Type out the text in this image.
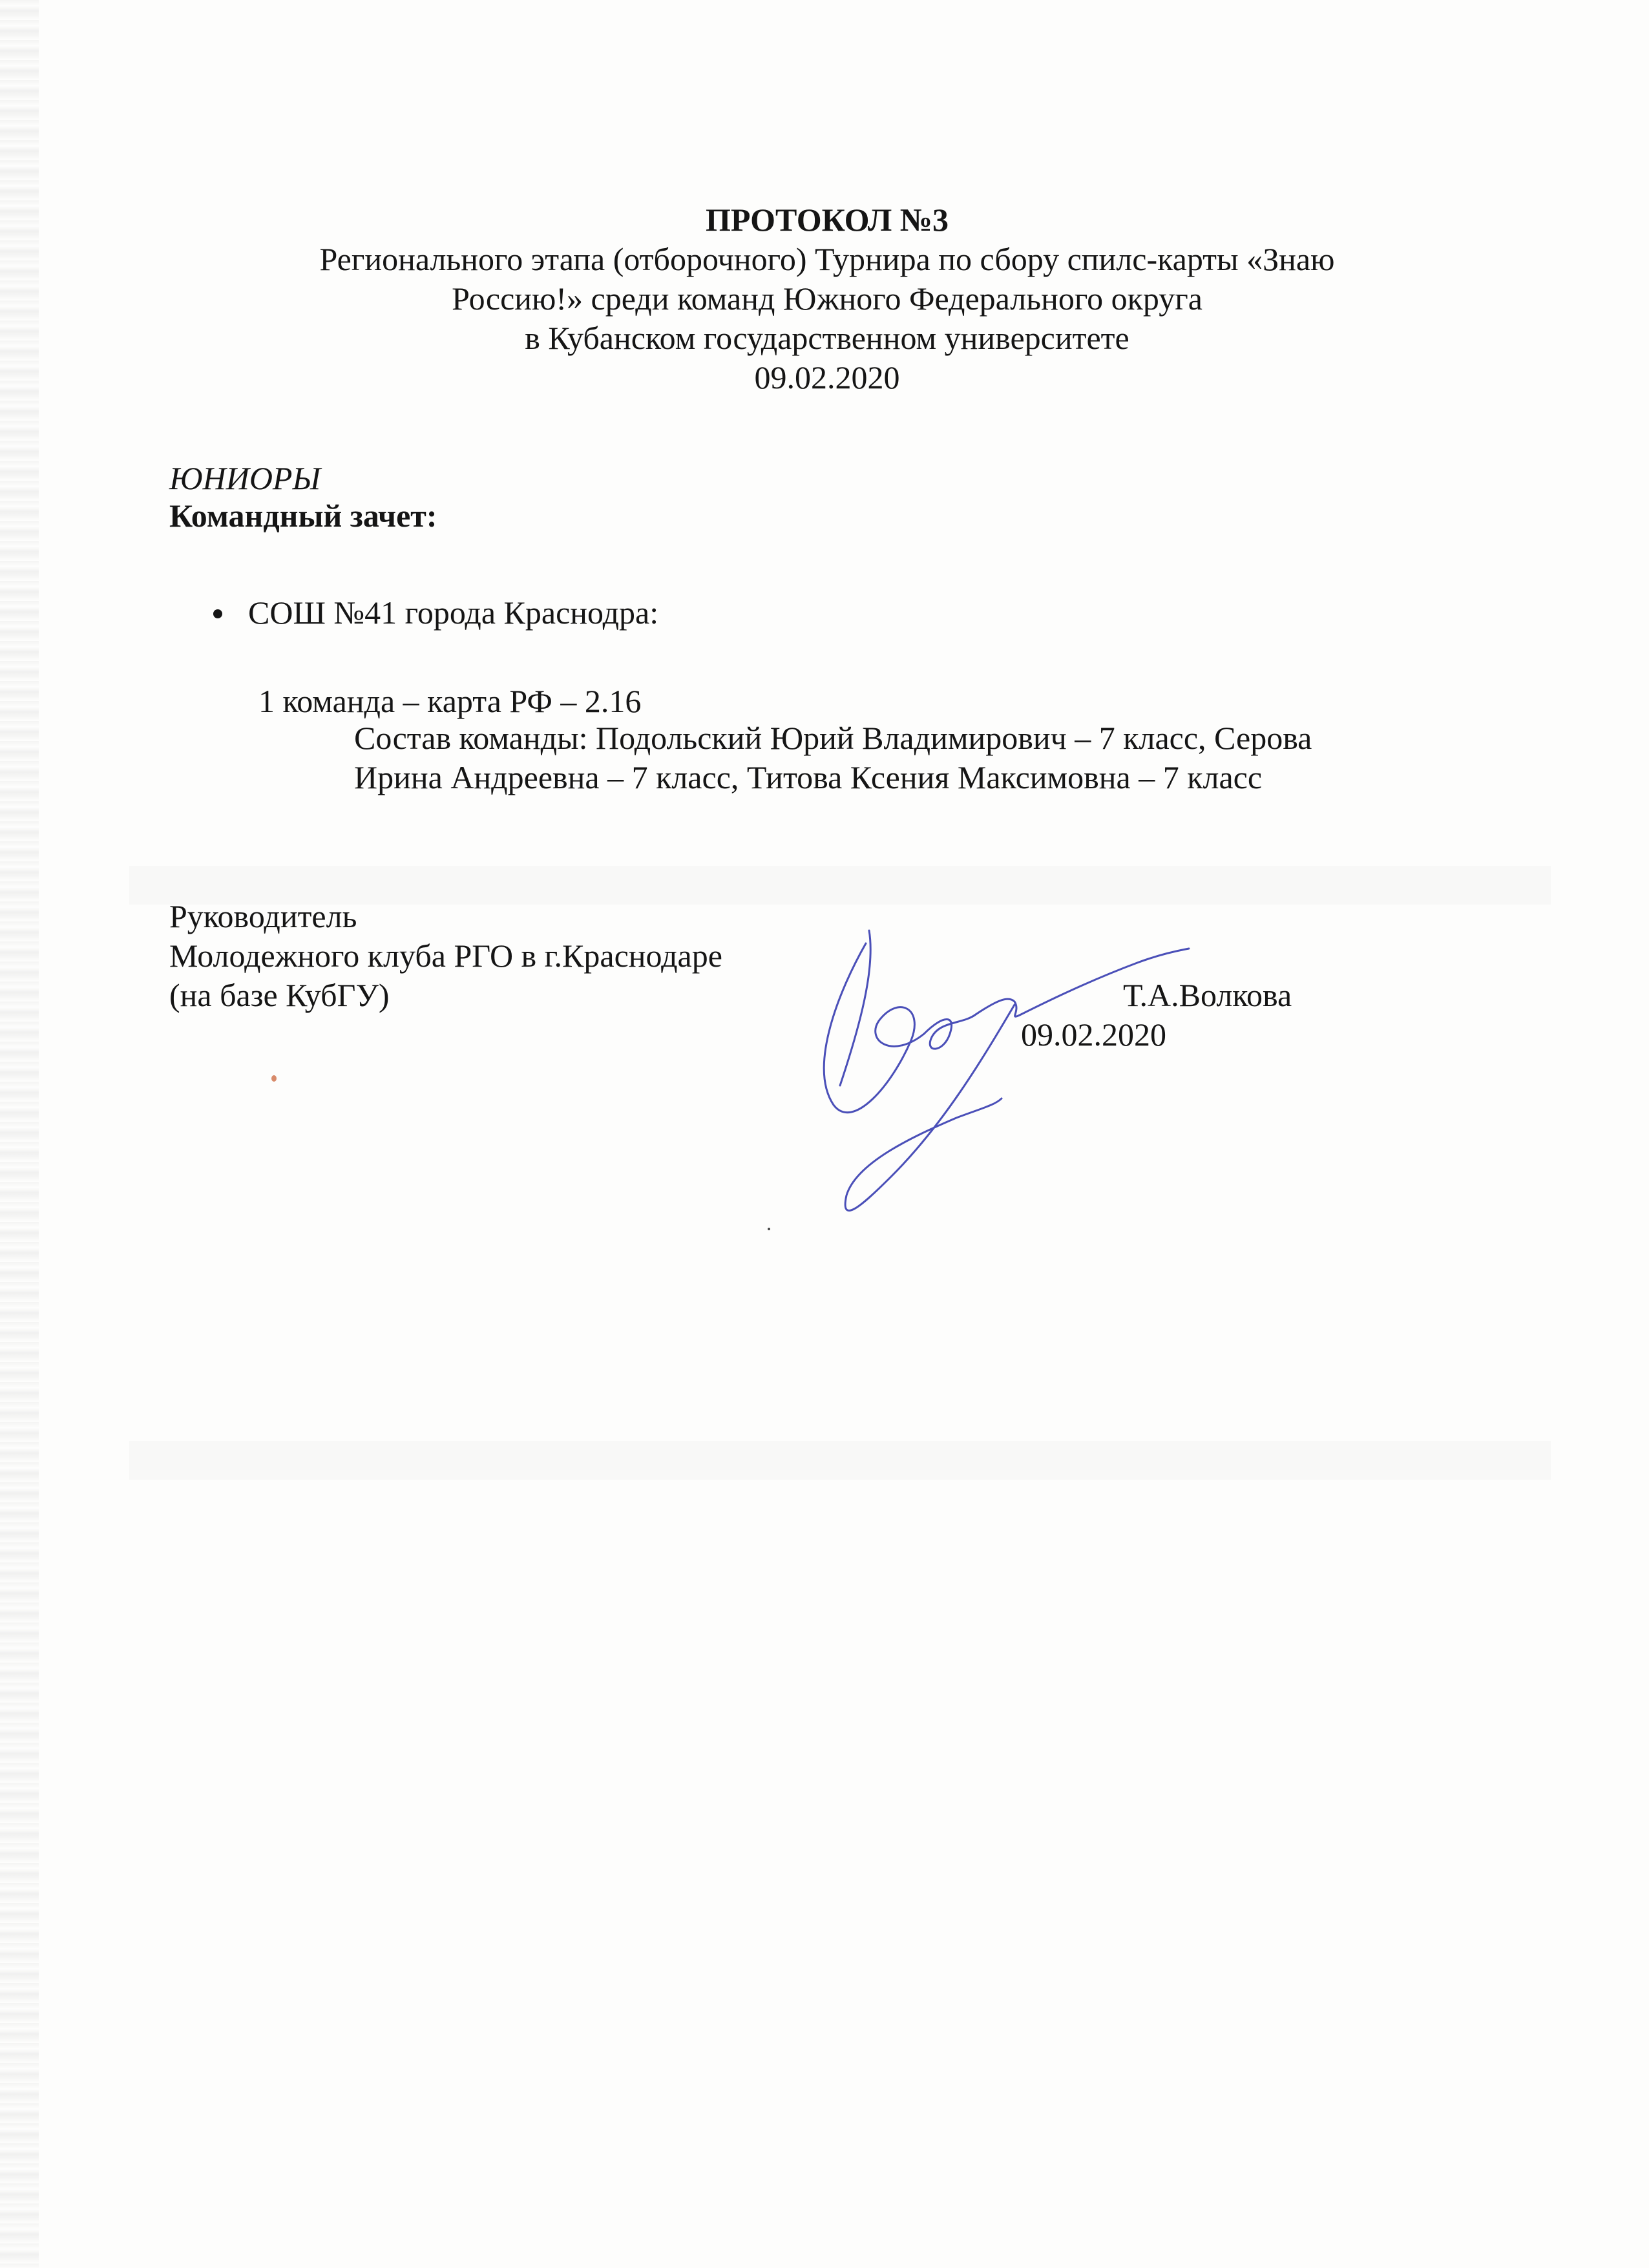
ПРОТОКОЛ №3
Регионального этапа (отборочного) Турнира по сбору спилс-карты «Знаю
Россию!» среди команд Южного Федерального округа
в Кубанском государственном университете
09.02.2020
ЮНИОРЫ
Командный зачет:
СОШ №41 города Краснодра:
1 команда – карта РФ – 2.16
Состав команды: Подольский Юрий Владимирович – 7 класс, Серова
Ирина Андреевна – 7 класс, Титова Ксения Максимовна – 7 класс
Руководитель
Молодежного клуба РГО в г.Краснодаре
(на базе КубГУ)	Т.А.Волкова
09.02.2020
